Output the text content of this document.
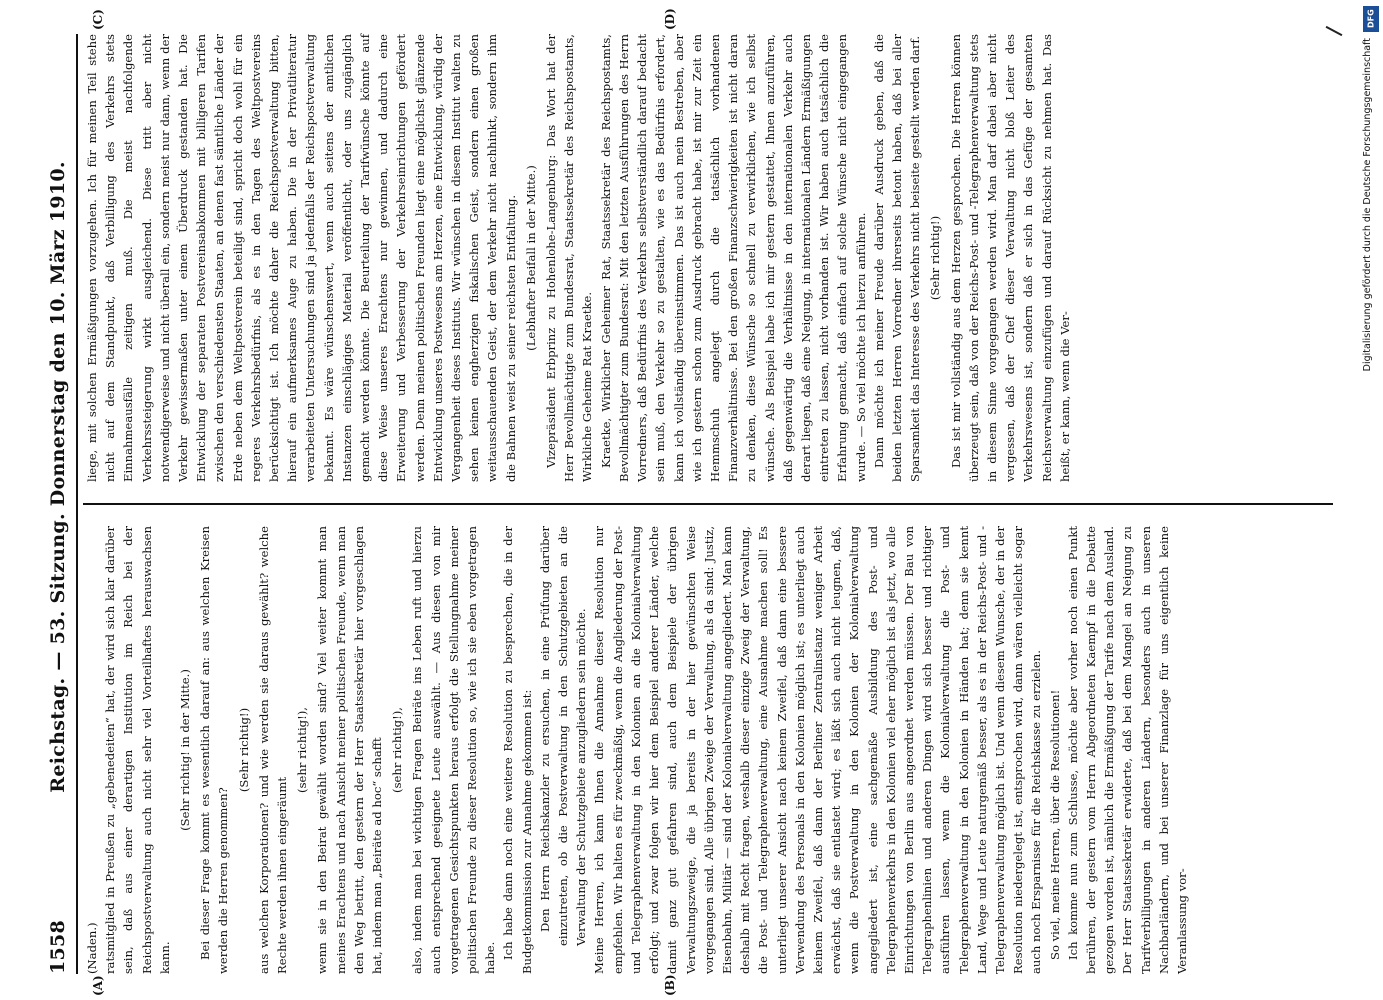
1558
Reichstag. — 53. Sitzung. Donnerstag den 10. März 1910.
(A)	(B)
(C)	(D)

(Naden.) ratsmitglied in Preußen zu „gebenedeiten“ hat, der wird sich klar darüber sein, daß aus einer derartigen Institution im Reich bei der Reichspostverwaltung auch nicht sehr viel Vorteilhaftes herauswachsen kann.

(Sehr richtig! in der Mitte.) Bei dieser Frage kommt es wesentlich darauf an: aus welchen Kreisen werden die Herren genommen?

(Sehr richtig!) aus welchen Korporationen? und wie werden sie daraus gewählt? welche Rechte werden ihnen eingeräumt

(sehr richtig!), wenn sie in den Beirat gewählt worden sind? Viel weiter kommt man meines Erachtens und nach Ansicht meiner politischen Freunde, wenn man den Weg betritt, den gestern der Herr Staatssekretär hier vorgeschlagen hat, indem man „Beiräte ad hoc“ schafft (sehr richtig!), also, indem man bei wichtigen Fragen Beiräte ins Leben ruft und hierzu auch entsprechend geeignete Leute auswählt. — Aus diesen von mir vorgetragenen Gesichtspunkten heraus erfolgt die Stellungnahme meiner politischen Freunde zu dieser Resolution so, wie ich sie eben vorgetragen habe. Ich habe dann noch eine weitere Resolution zu besprechen, die in der Budgetkommission zur Annahme gekommen ist: Den Herrn Reichskanzler zu ersuchen, in eine Prüfung darüber einzutreten, ob die Postverwaltung in den Schutzgebieten an die Verwaltung der Schutzgebiete anzugliedern sein möchte. Meine Herren, ich kann Ihnen die Annahme dieser Resolution nur empfehlen. Wir halten es für zweckmäßig, wenn die Angliederung der Post- und Telegraphenverwaltung in den Kolonien an die Kolonialverwaltung erfolgt; und zwar folgen wir hier dem Beispiel anderer Länder, welche damit ganz gut gefahren sind, auch dem Beispiele der übrigen Verwaltungszweige, die ja bereits in der hier gewünschten Weise vorgegangen sind. Alle übrigen Zweige der Verwaltung, als da sind: Justiz, Eisenbahn, Militär — sind der Kolonialverwaltung angegliedert. Man kann deshalb mit Recht fragen, weshalb dieser einzige Zweig der Verwaltung, die Post- und Telegraphenverwaltung, eine Ausnahme machen soll! Es unterliegt unserer Ansicht nach keinem Zweifel, daß dann eine bessere Verwendung des Personals in den Kolonien möglich ist; es unterliegt auch keinem Zweifel, daß dann der Berliner Zentralinstanz weniger Arbeit erwächst, daß sie entlastet wird; es läßt sich auch nicht leugnen, daß, wenn die Postverwaltung in den Kolonien der Kolonialverwaltung angegliedert ist, eine sachgemäße Ausbildung des Post- und Telegraphenverkehrs in den Kolonien viel eher möglich ist als jetzt, wo alle Einrichtungen von Berlin aus angeordnet werden müssen. Der Bau von Telegraphenlinien und anderen Dingen wird sich besser und richtiger ausführen lassen, wenn die Kolonialverwaltung die Post- und Telegraphenverwaltung in den Kolonien in Händen hat; denn sie kennt Land, Wege und Leute naturgemäß besser, als es in der Reichs-Post- und -Telegraphenverwaltung möglich ist. Und wenn diesem Wunsche, der in der Resolution niedergelegt ist, entsprochen wird, dann wären vielleicht sogar auch noch Ersparnisse für die Reichskasse zu erzielen. So viel, meine Herren, über die Resolutionen! Ich komme nun zum Schlusse, möchte aber vorher noch einen Punkt berühren, der gestern vom Herrn Abgeordneten Kaempf in die Debatte gezogen worden ist, nämlich die Ermäßigung der Tarife nach dem Ausland. Der Herr Staatssekretär erwiderte, daß bei dem Mangel an Neigung zu Tarifverbilligungen in anderen Ländern, besonders auch in unseren Nachbarländern, und bei unserer Finanzlage für uns eigentlich keine Veranlassung vor-

liege, mit solchen Ermäßigungen vorzugehen. Ich für meinen Teil stehe nicht auf dem Standpunkt, daß Verbilligung des Verkehrs stets Einnahmeausfälle zeitigen muß. Die meist nachfolgende Verkehrssteigerung wirkt ausgleichend. Diese tritt aber nicht notwendigerweise und nicht überall ein, sondern meist nur dann, wenn der Verkehr gewissermaßen unter einem Überdruck gestanden hat. Die Entwicklung der separaten Postvereinsabkommen mit billigeren Tarifen zwischen den verschiedensten Staaten, an denen fast sämtliche Länder der Erde neben dem Weltpostverein beteiligt sind, spricht doch wohl für ein regeres Verkehrsbedürfnis, als es in den Tagen des Weltpostvereins berücksichtigt ist. Ich möchte daher die Reichspostverwaltung bitten, hierauf ein aufmerksames Auge zu haben. Die in der Privatliteratur verarbeiteten Untersuchungen sind ja jedenfalls der Reichspostverwaltung bekannt. Es wäre wünschenswert, wenn auch seitens der amtlichen Instanzen einschlägiges Material veröffentlicht, oder uns zugänglich gemacht werden könnte. Die Beurteilung der Tarifwünsche könnte auf diese Weise unseres Erachtens nur gewinnen, und dadurch eine Erweiterung und Verbesserung der Verkehrseinrichtungen gefördert werden. Denn meinen politischen Freunden liegt eine möglichst glänzende Entwicklung unseres Postwesens am Herzen, eine Entwicklung, würdig der Vergangenheit dieses Instituts. Wir wünschen in diesem Institut walten zu sehen keinen engherzigen fiskalischen Geist, sondern einen großen weitausschauenden Geist, der dem Verkehr nicht nachhinkt, sondern ihm die Bahnen weist zu seiner reichsten Entfaltung. (Lebhafter Beifall in der Mitte.) Vizepräsident Erbprinz zu Hohenlohe-Langenburg: Das Wort hat der Herr Bevollmächtigte zum Bundesrat, Staatssekretär des Reichspostamts, Wirkliche Geheime Rat Kraetke. Kraetke, Wirklicher Geheimer Rat, Staatssekretär des Reichspostamts, Bevollmächtigter zum Bundesrat: Mit den letzten Ausführungen des Herrn Vorredners, daß Bedürfnis des Verkehrs selbstverständlich darauf bedacht sein muß, den Verkehr so zu gestalten, wie es das Bedürfnis erfordert, kann ich vollständig übereinstimmen. Das ist auch mein Bestreben, aber wie ich gestern schon zum Ausdruck gebracht habe, ist mir zur Zeit ein Hemmschuh angelegt durch die tatsächlich vorhandenen Finanzverhältnisse. Bei den großen Finanzschwierigkeiten ist nicht daran zu denken, diese Wünsche so schnell zu verwirklichen, wie ich selbst wünsche. Als Beispiel habe ich mir gestern gestattet, Ihnen anzuführen, daß gegenwärtig die Verhältnisse in den internationalen Verkehr auch derart liegen, daß eine Neigung, in internationalen Ländern Ermäßigungen eintreten zu lassen, nicht vorhanden ist. Wir haben auch tatsächlich die Erfahrung gemacht, daß einfach auf solche Wünsche nicht eingegangen wurde. — So viel möchte ich hierzu anführen. Dann möchte ich meiner Freude darüber Ausdruck geben, daß die beiden letzten Herren Vorredner ihrerseits betont haben, daß bei aller Sparsamkeit das Interesse des Verkehrs nicht beiseite gestellt werden darf. (Sehr richtig!) Das ist mir vollständig aus dem Herzen gesprochen. Die Herren können überzeugt sein, daß von der Reichs-Post- und -Telegraphenverwaltung stets in diesem Sinne vorgegangen werden wird. Man darf dabei aber nicht vergessen, daß der Chef dieser Verwaltung nicht bloß Leiter des Verkehrswesens ist, sondern daß er sich in das Gefüge der gesamten Reichsverwaltung einzufügen und darauf Rücksicht zu nehmen hat. Das heißt, er kann, wenn die Ver-

DFG
Digitalisierung gefördert durch die Deutsche Forschungsgemeinschaft
